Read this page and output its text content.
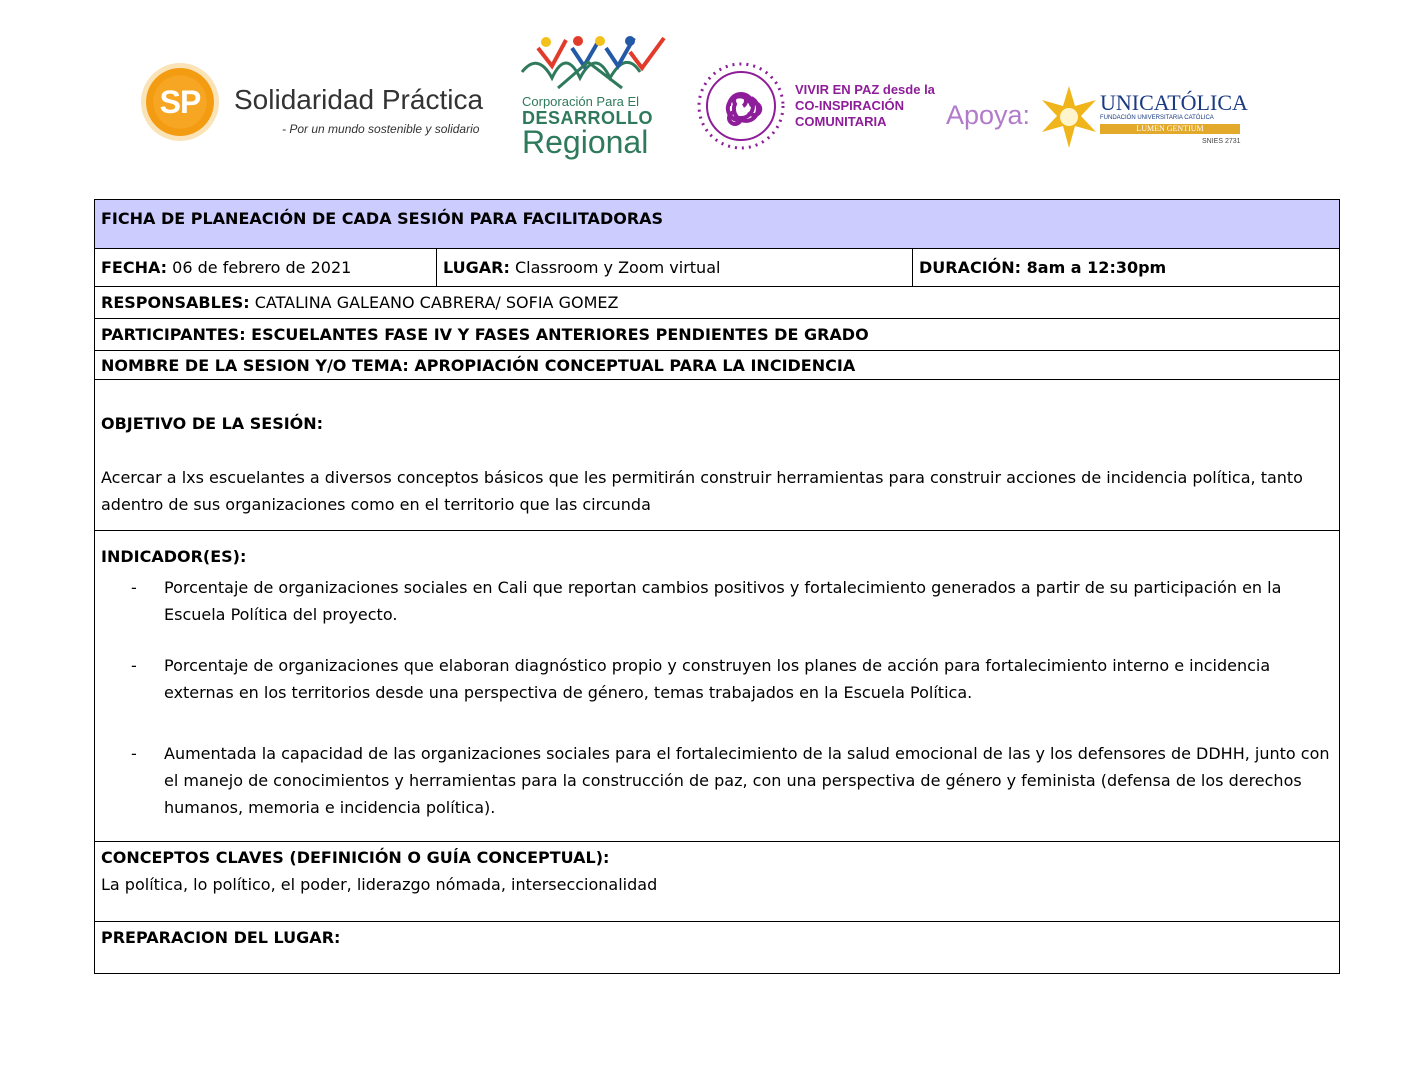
SP	Solidaridad Práctica
- Por un mundo sostenible y solidario
Corporación Para El
DESARROLLO
Regional
VIVIR EN PAZ desde la
CO-INSPIRACIÓN
COMUNITARIA Apoya:	UNICATÓLICA
FUNDACIÓN UNIVERSITARIA CATÓLICA
LUMEN GENTIUM
SNIES 2731
FICHA DE PLANEACIÓN DE CADA SESIÓN PARA FACILITADORAS
FECHA: 06 de febrero de 2021	LUGAR: Classroom y Zoom virtual	DURACIÓN: 8am a 12:30pm
RESPONSABLES: CATALINA GALEANO CABRERA/ SOFIA GOMEZ
PARTICIPANTES: ESCUELANTES FASE IV Y FASES ANTERIORES PENDIENTES DE GRADO
NOMBRE DE LA SESION Y/O TEMA: APROPIACIÓN CONCEPTUAL PARA LA INCIDENCIA

OBJETIVO DE LA SESIÓN:
Acercar a lxs escuelantes a diversos conceptos básicos que les permitirán construir herramientas para construir acciones de incidencia política, tanto adentro de sus organizaciones como en el territorio que las circunda

INDICADOR(ES):
- Porcentaje de organizaciones sociales en Cali que reportan cambios positivos y fortalecimiento generados a partir de su participación en la Escuela Política del proyecto.
- Porcentaje de organizaciones que elaboran diagnóstico propio y construyen los planes de acción para fortalecimiento interno e incidencia externas en los territorios desde una perspectiva de género, temas trabajados en la Escuela Política.
- Aumentada la capacidad de las organizaciones sociales para el fortalecimiento de la salud emocional de las y los defensores de DDHH, junto con el manejo de conocimientos y herramientas para la construcción de paz, con una perspectiva de género y feminista (defensa de los derechos humanos, memoria e incidencia política).

CONCEPTOS CLAVES (DEFINICIÓN O GUÍA CONCEPTUAL):
La política, lo político, el poder, liderazgo nómada, interseccionalidad

PREPARACION DEL LUGAR:
